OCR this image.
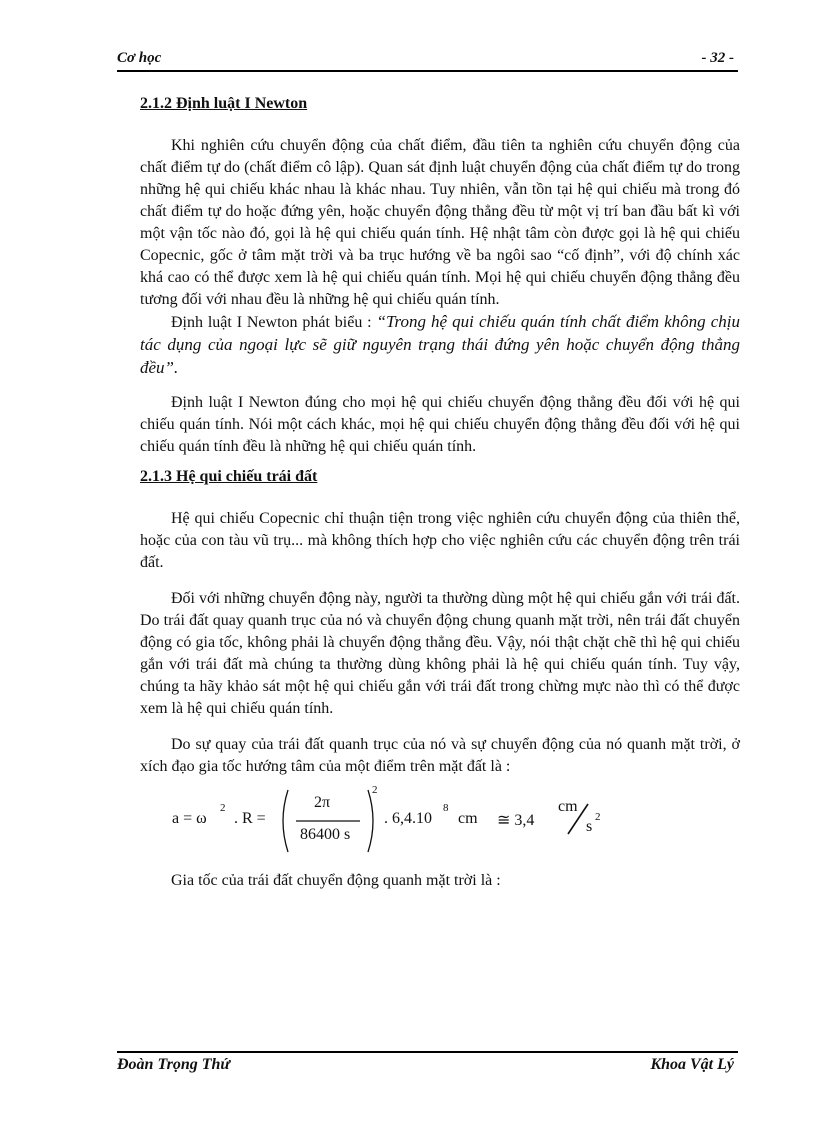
Cơ học	- 32 -
2.1.2 Định luật I Newton

Khi nghiên cứu chuyển động của chất điểm, đầu tiên ta nghiên cứu chuyển động của chất điểm tự do (chất điểm cô lập). Quan sát định luật chuyển động của chất điểm tự do trong những hệ qui chiếu khác nhau là khác nhau. Tuy nhiên, vẫn tồn tại hệ qui chiếu mà trong đó chất điểm tự do hoặc đứng yên, hoặc chuyển động thẳng đều từ một vị trí ban đầu bất kì với một vận tốc nào đó, gọi là hệ qui chiếu quán tính. Hệ nhật tâm còn được gọi là hệ qui chiếu Copecnic, gốc ở tâm mặt trời và ba trục hướng về ba ngôi sao “cố định”, với độ chính xác khá cao có thể được xem là hệ qui chiếu quán tính. Mọi hệ qui chiếu chuyển động thẳng đều tương đối với nhau đều là những hệ qui chiếu quán tính.

Định luật I Newton phát biểu : “Trong hệ qui chiếu quán tính chất điểm không chịu tác dụng của ngoại lực sẽ giữ nguyên trạng thái đứng yên hoặc chuyển động thẳng đều”.

Định luật I Newton đúng cho mọi hệ qui chiếu chuyển động thẳng đều đối với hệ qui chiếu quán tính. Nói một cách khác, mọi hệ qui chiếu chuyển động thẳng đều đối với hệ qui chiếu quán tính đều là những hệ qui chiếu quán tính.

2.1.3 Hệ qui chiếu trái đất

Hệ qui chiếu Copecnic chỉ thuận tiện trong việc nghiên cứu chuyển động của thiên thể, hoặc của con tàu vũ trụ... mà không thích hợp cho việc nghiên cứu các chuyển động trên trái đất.

Đối với những chuyển động này, người ta thường dùng một hệ qui chiếu gắn với trái đất. Do trái đất quay quanh trục của nó và chuyển động chung quanh mặt trời, nên trái đất chuyển động có gia tốc, không phải là chuyển động thẳng đều. Vậy, nói thật chặt chẽ thì hệ qui chiếu gắn với trái đất mà chúng ta thường dùng không phải là hệ qui chiếu quán tính. Tuy vậy, chúng ta hãy khảo sát một hệ qui chiếu gắn với trái đất trong chừng mực nào thì có thể được xem là hệ qui chiếu quán tính.

Do sự quay của trái đất quanh trục của nó và sự chuyển động của nó quanh mặt trời, ở xích đạo gia tốc hướng tâm của một điểm trên mặt đất là :

a = ω
2
. R =
2π
86400 s
2
. 6,4.10
8
cm ≅ 3,4
cm
s
2

Gia tốc của trái đất chuyển động quanh mặt trời là :

Đoàn Trọng Thứ	Khoa Vật Lý
